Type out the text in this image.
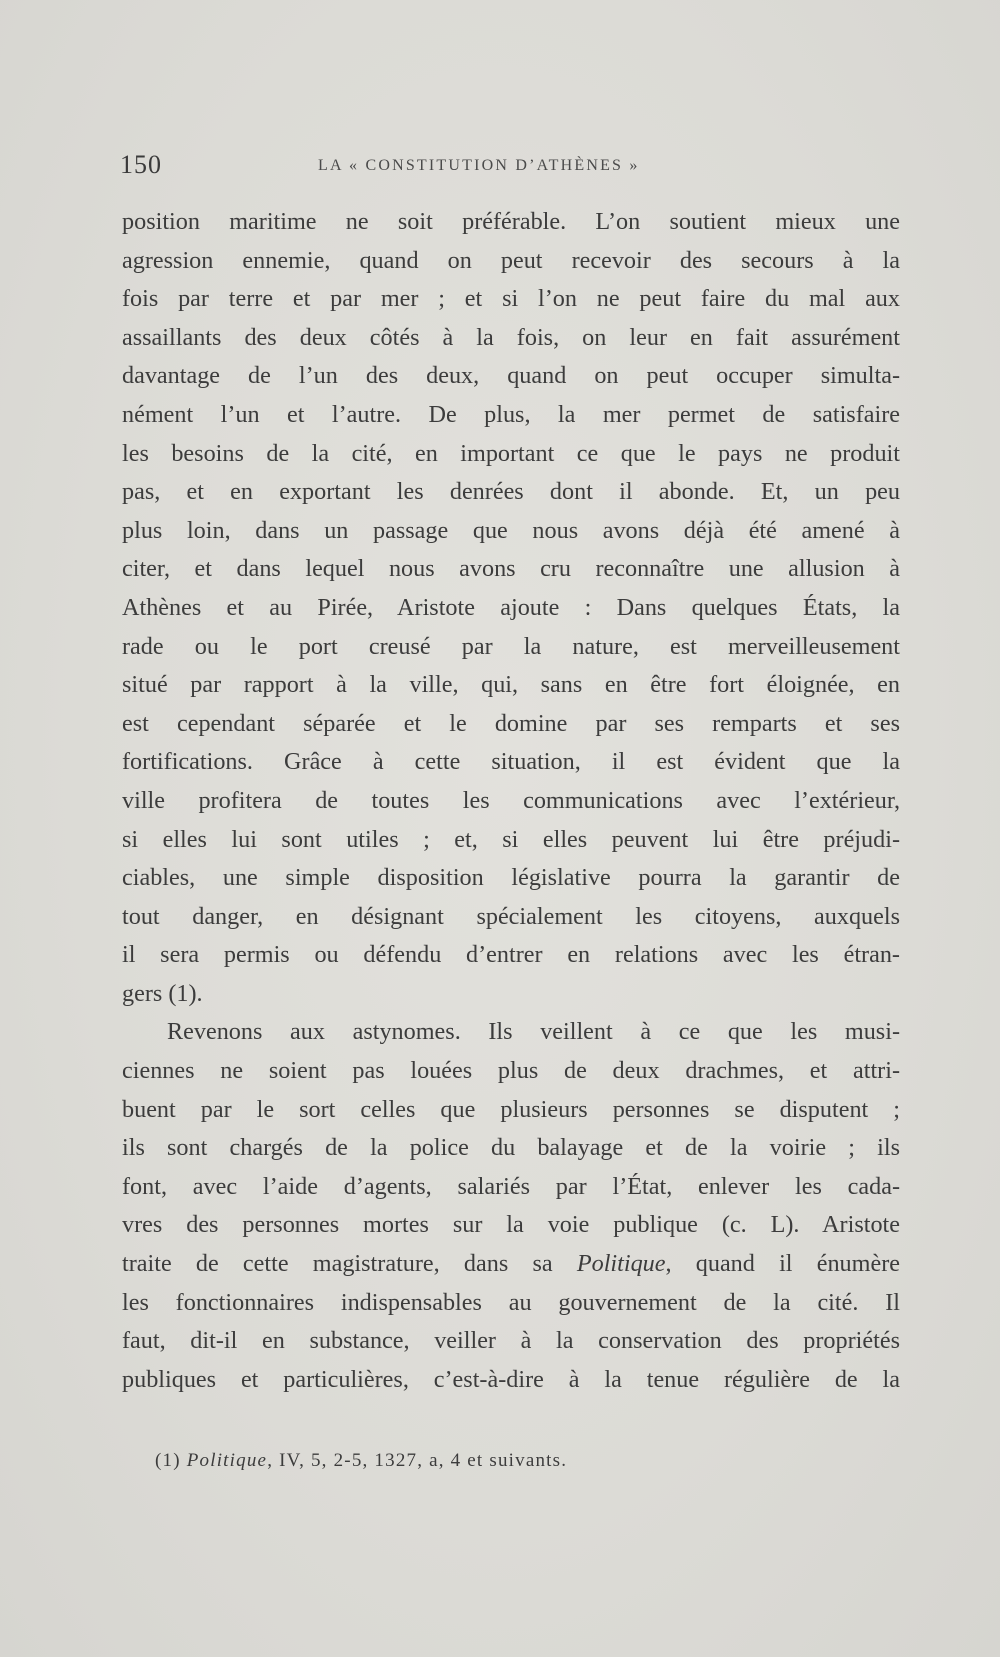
150	LA « CONSTITUTION D’ATHÈNES »
position maritime ne soit préférable. L’on soutient mieux une
agression ennemie, quand on peut recevoir des secours à la
fois par terre et par mer ; et si l’on ne peut faire du mal aux
assaillants des deux côtés à la fois, on leur en fait assurément
davantage de l’un des deux, quand on peut occuper simulta-
nément l’un et l’autre. De plus, la mer permet de satisfaire
les besoins de la cité, en important ce que le pays ne produit
pas, et en exportant les denrées dont il abonde. Et, un peu
plus loin, dans un passage que nous avons déjà été amené à
citer, et dans lequel nous avons cru reconnaître une allusion à
Athènes et au Pirée, Aristote ajoute : Dans quelques États, la
rade ou le port creusé par la nature, est merveilleusement
situé par rapport à la ville, qui, sans en être fort éloignée, en
est cependant séparée et le domine par ses remparts et ses
fortifications. Grâce à cette situation, il est évident que la
ville profitera de toutes les communications avec l’extérieur,
si elles lui sont utiles ; et, si elles peuvent lui être préjudi-
ciables, une simple disposition législative pourra la garantir de
tout danger, en désignant spécialement les citoyens, auxquels
il sera permis ou défendu d’entrer en relations avec les étran-
gers (1).
Revenons aux astynomes. Ils veillent à ce que les musi-
ciennes ne soient pas louées plus de deux drachmes, et attri-
buent par le sort celles que plusieurs personnes se disputent ;
ils sont chargés de la police du balayage et de la voirie ; ils
font, avec l’aide d’agents, salariés par l’État, enlever les cada-
vres des personnes mortes sur la voie publique (c. L). Aristote
traite de cette magistrature, dans sa Politique, quand il énumère
les fonctionnaires indispensables au gouvernement de la cité. Il
faut, dit-il en substance, veiller à la conservation des propriétés
publiques et particulières, c’est-à-dire à la tenue régulière de la
(1) Politique, IV, 5, 2-5, 1327, a, 4 et suivants.
